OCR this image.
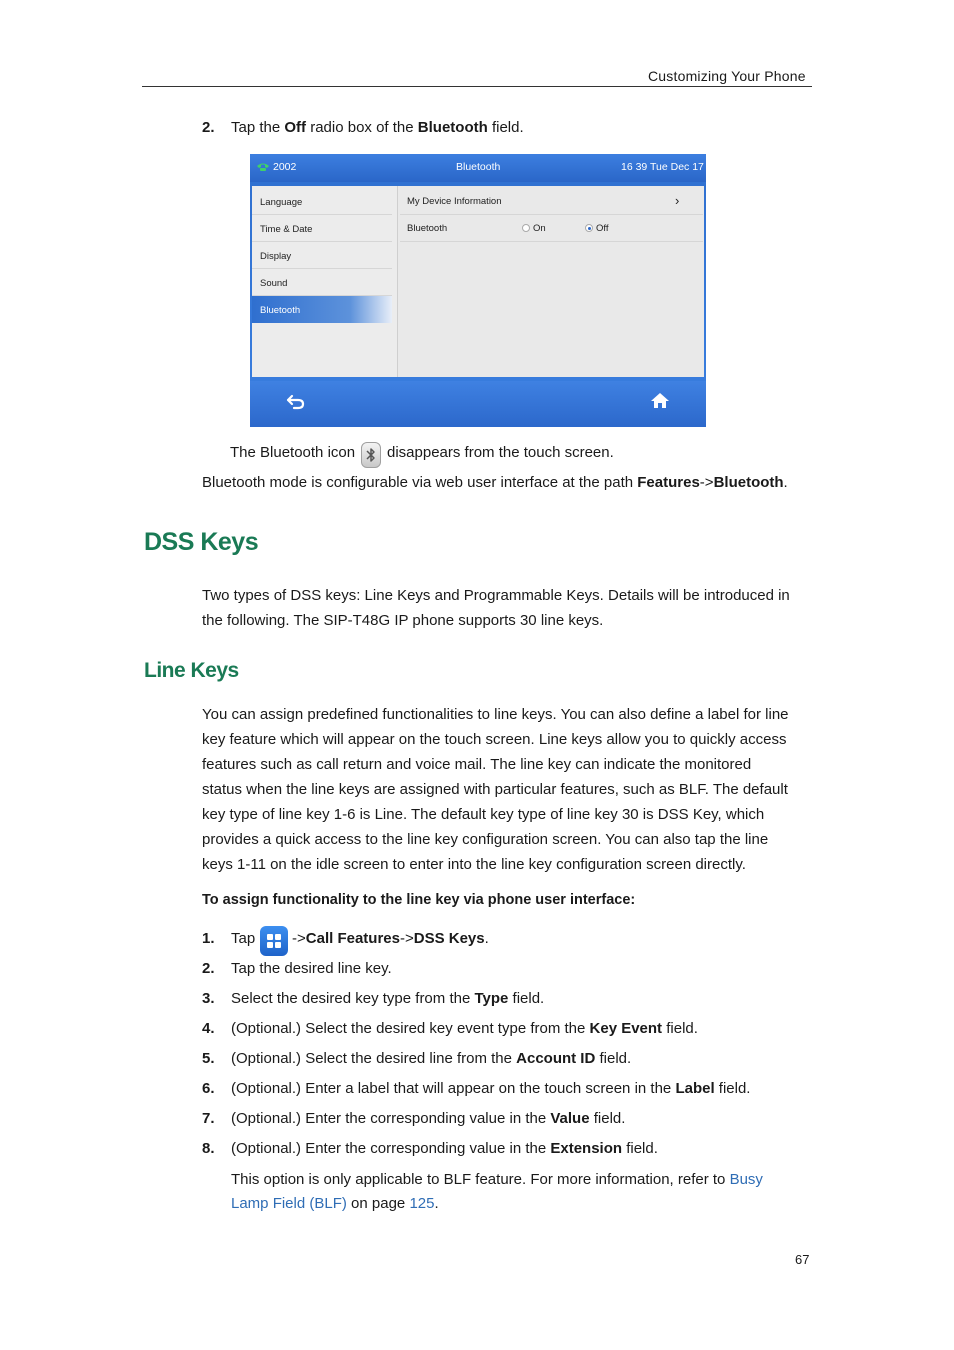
Customizing Your Phone
2. Tap the Off radio box of the Bluetooth field.
2002	Bluetooth	16 39 Tue Dec 17
Language
Time & Date
Display
Sound
Bluetooth
My Device Information	›
Bluetooth	On	Off
The Bluetooth icon disappears from the touch screen.
Bluetooth mode is configurable via web user interface at the path Features->Bluetooth.
DSS Keys
Two types of DSS keys: Line Keys and Programmable Keys. Details will be introduced in
the following. The SIP-T48G IP phone supports 30 line keys.
Line Keys
You can assign predefined functionalities to line keys. You can also define a label for line
key feature which will appear on the touch screen. Line keys allow you to quickly access
features such as call return and voice mail. The line key can indicate the monitored
status when the line keys are assigned with particular features, such as BLF. The default
key type of line key 1-6 is Line. The default key type of line key 30 is DSS Key, which
provides a quick access to the line key configuration screen. You can also tap the line
keys 1-11 on the idle screen to enter into the line key configuration screen directly.
To assign functionality to the line key via phone user interface:
1. Tap ->Call Features->DSS Keys.
2. Tap the desired line key.
3. Select the desired key type from the Type field.
4. (Optional.) Select the desired key event type from the Key Event field.
5. (Optional.) Select the desired line from the Account ID field.
6. (Optional.) Enter a label that will appear on the touch screen in the Label field.
7. (Optional.) Enter the corresponding value in the Value field.
8. (Optional.) Enter the corresponding value in the Extension field.
This option is only applicable to BLF feature. For more information, refer to Busy
Lamp Field (BLF) on page 125.
67
